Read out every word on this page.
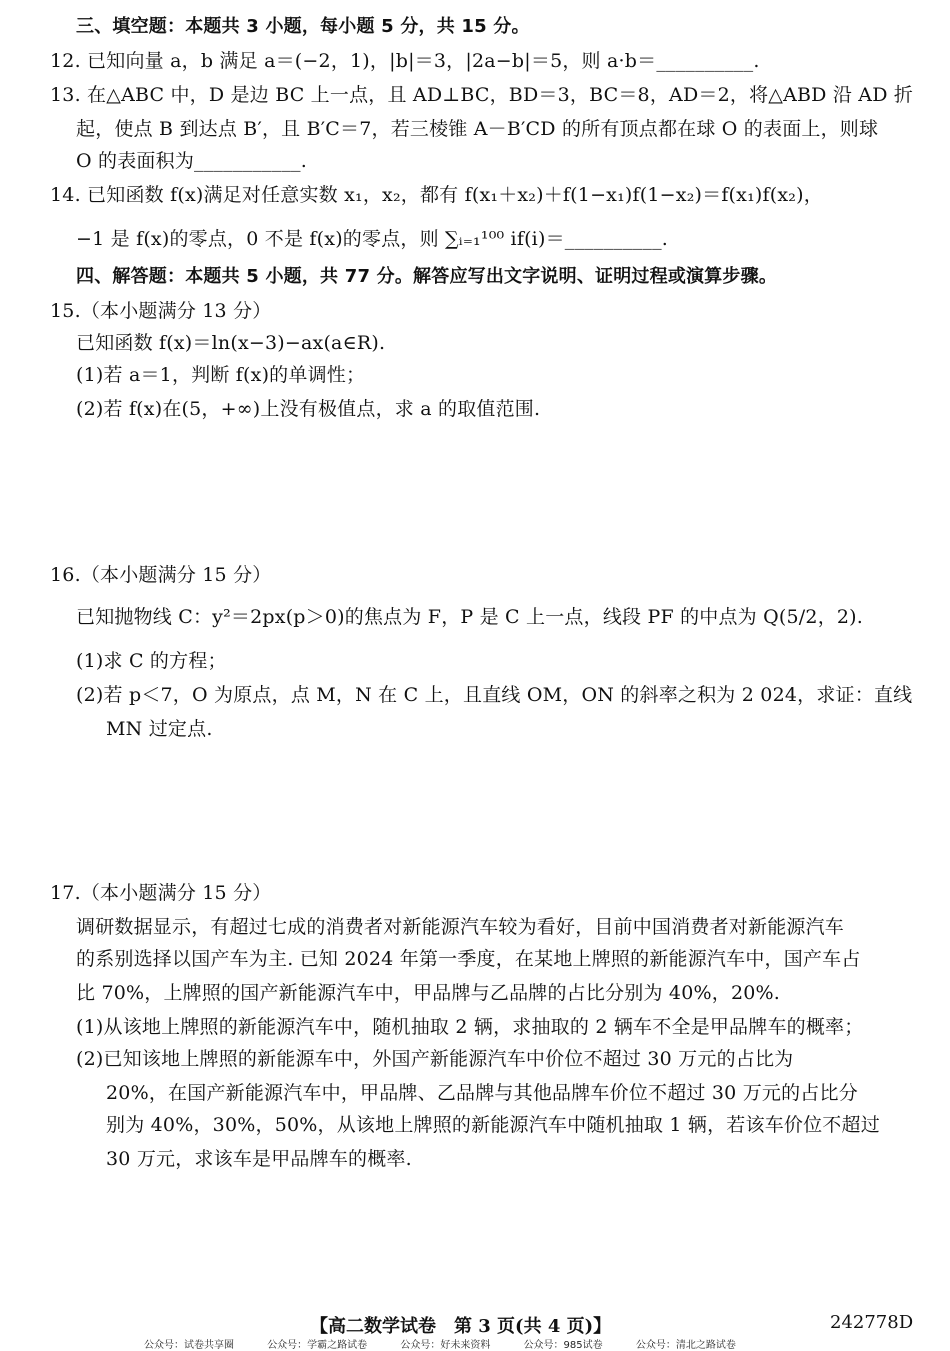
三、填空题：本题共 3 小题，每小题 5 分，共 15 分。
12. 已知向量 a，b 满足 a＝(−2，1)，|b|＝3，|2a−b|＝5，则 a·b＝__________.
13. 在△ABC 中，D 是边 BC 上一点，且 AD⊥BC，BD＝3，BC＝8，AD＝2，将△ABD 沿 AD 折
起，使点 B 到达点 B′，且 B′C＝7，若三棱锥 A－B′CD 的所有顶点都在球 O 的表面上，则球
O 的表面积为___________.
14. 已知函数 f(x)满足对任意实数 x₁，x₂，都有 f(x₁＋x₂)＋f(1−x₁)f(1−x₂)＝f(x₁)f(x₂)，
−1 是 f(x)的零点，0 不是 f(x)的零点，则 ∑ᵢ₌₁¹⁰⁰ if(i)＝__________.
四、解答题：本题共 5 小题，共 77 分。解答应写出文字说明、证明过程或演算步骤。
15.（本小题满分 13 分）
已知函数 f(x)＝ln(x−3)−ax(a∈R).
(1)若 a＝1，判断 f(x)的单调性；
(2)若 f(x)在(5，+∞)上没有极值点，求 a 的取值范围.
16.（本小题满分 15 分）
已知抛物线 C：y²＝2px(p＞0)的焦点为 F，P 是 C 上一点，线段 PF 的中点为 Q(5/2，2).
(1)求 C 的方程；
(2)若 p＜7，O 为原点，点 M，N 在 C 上，且直线 OM，ON 的斜率之积为 2 024，求证：直线
MN 过定点.
17.（本小题满分 15 分）
调研数据显示，有超过七成的消费者对新能源汽车较为看好，目前中国消费者对新能源汽车
的系别选择以国产车为主. 已知 2024 年第一季度，在某地上牌照的新能源汽车中，国产车占
比 70%，上牌照的国产新能源汽车中，甲品牌与乙品牌的占比分别为 40%，20%.
(1)从该地上牌照的新能源汽车中，随机抽取 2 辆，求抽取的 2 辆车不全是甲品牌车的概率；
(2)已知该地上牌照的新能源车中，外国产新能源汽车中价位不超过 30 万元的占比为
20%，在国产新能源汽车中，甲品牌、乙品牌与其他品牌车价位不超过 30 万元的占比分
别为 40%，30%，50%，从该地上牌照的新能源汽车中随机抽取 1 辆，若该车价位不超过
30 万元，求该车是甲品牌车的概率.
【高二数学试卷　第 3 页(共 4 页)】	242778D
公众号：试卷共享圈	公众号：学霸之路试卷	公众号：好未来资料	公众号：985试卷	公众号：清北之路试卷
